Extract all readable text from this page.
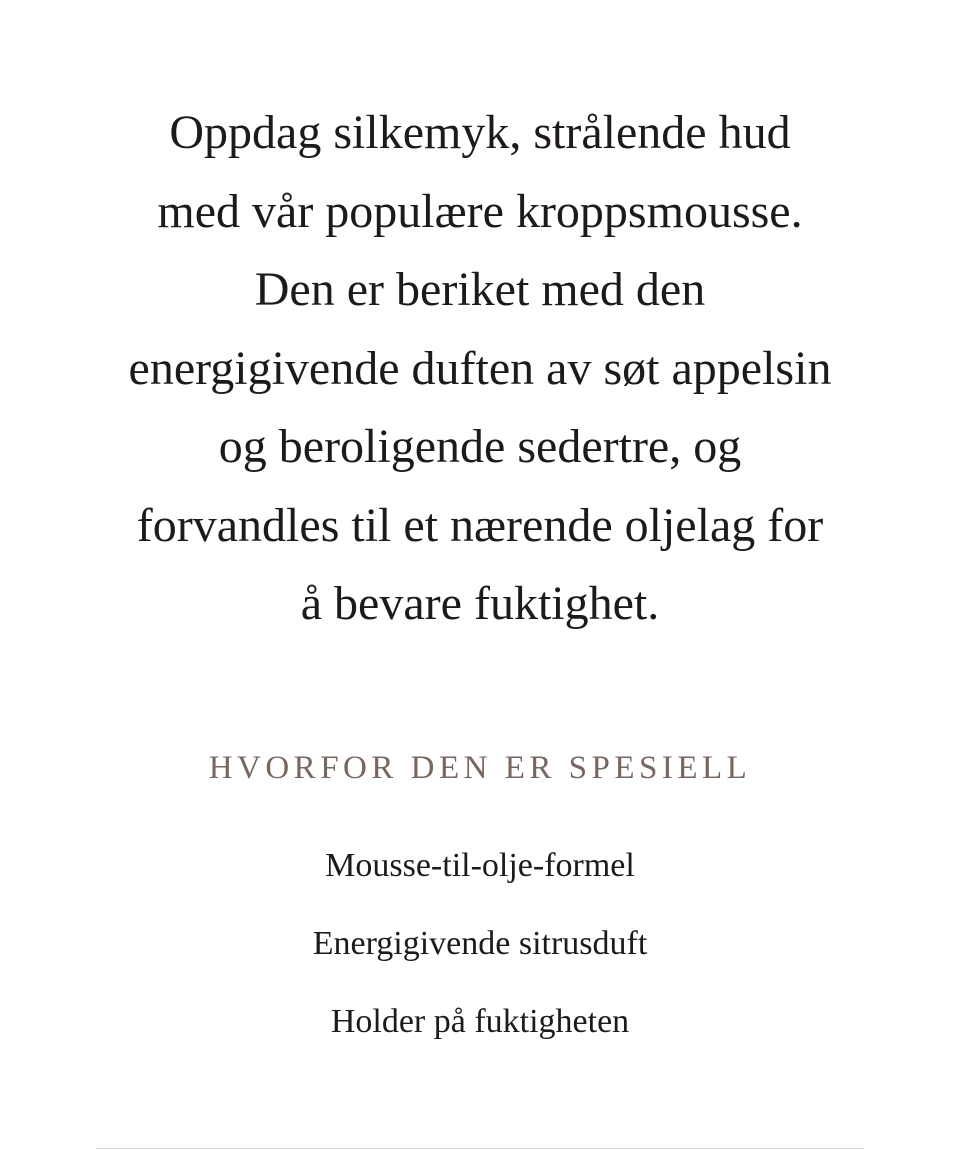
Oppdag silkemyk, strålende hud
med vår populære kroppsmousse.
Den er beriket med den
energigivende duften av søt appelsin
og beroligende sedertre, og
forvandles til et nærende oljelag for
å bevare fuktighet.

HVORFOR DEN ER SPESIELL
Mousse-til-olje-formel
Energigivende sitrusduft
Holder på fuktigheten
